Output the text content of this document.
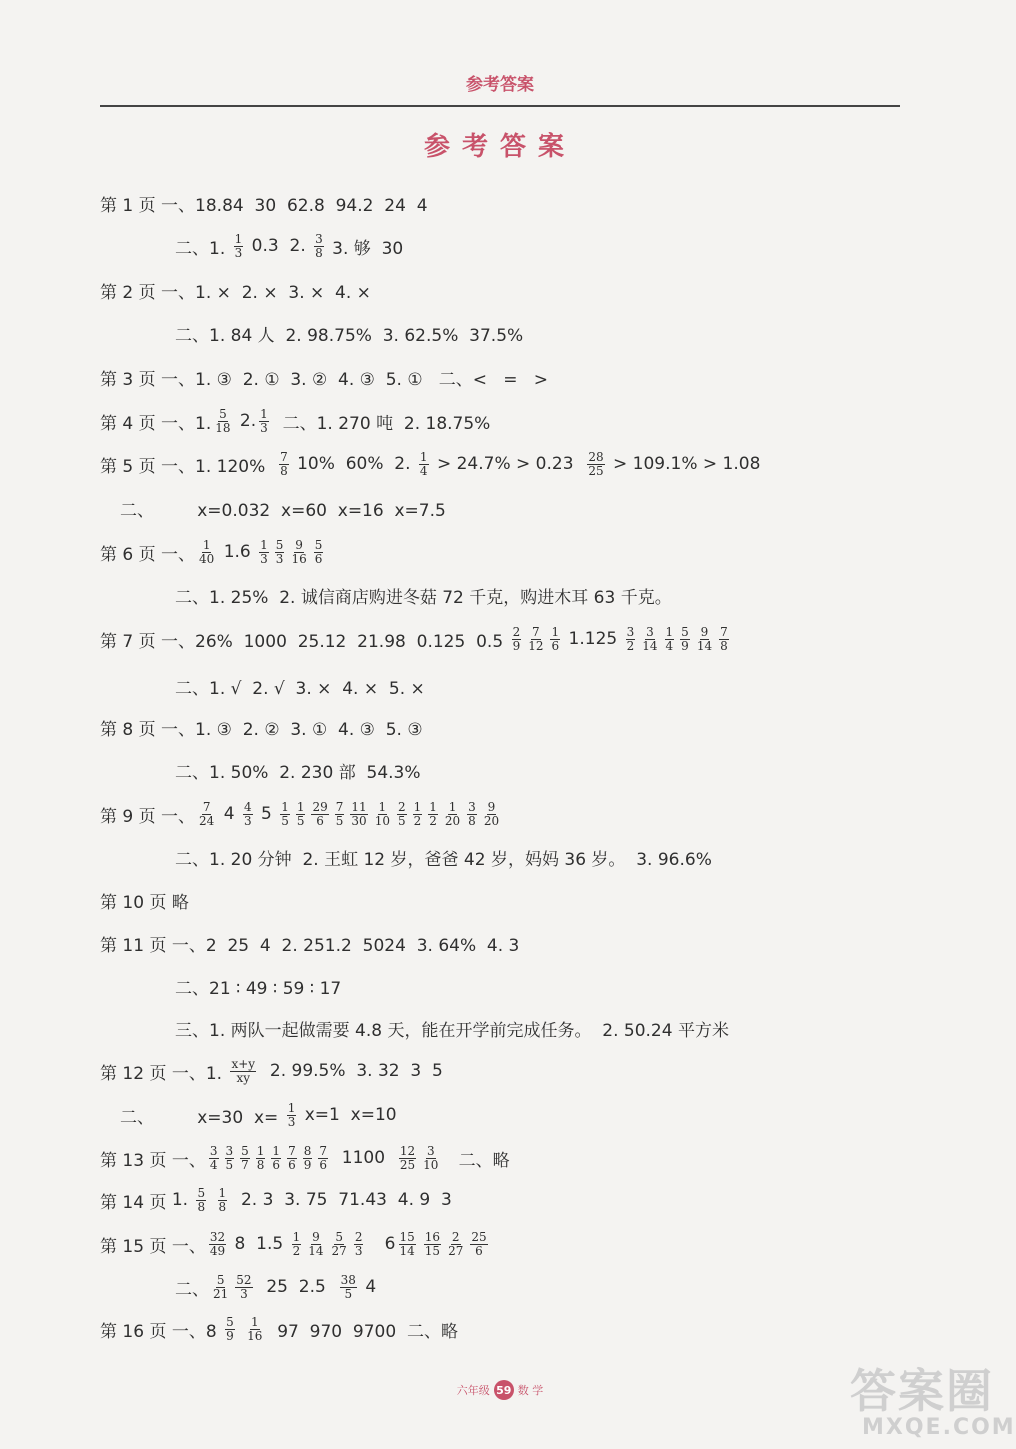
参考答案
参考答案
第 1 页 一、18.84  30  62.8  94.2  24  4
二、1. $\frac{1}{3} 0.3$  2. $\frac{3}{8} 3$. 够  30
第 2 页 一、1. ×  2. ×  3. ×  4. ×
二、1. 84 人  2. 98.75%  3. 62.5%  37.5%
第 3 页 一、1. ③  2. ①  3. ②  4. ③  5. ①   二、<   =   >
第 4 页 一、1. $\frac{5}{18} 2$. $\frac{1}{3}$ 二、1. 270 吨  2. 18.75%
第 5 页 一、1. $120\% \frac{7}{8} 10\%$  60%  2. $\frac{1}{4} > 24.7\% > 0.23 \frac{28}{25} > 109.1\% > 1.08$
二、        x=0.032  x=60  x=16  x=7.5
第 6 页 一、 $\frac{1}{40} 1.6 \frac{1}{3} \frac{5}{3} \frac{9}{16} \frac{5}{6}$
二、1. 25%  2. 诚信商店购进冬菇 72 千克，购进木耳 63 千克。
第 7 页 一、26%  1000  25.12  21.98  0.125  $0.5 \frac{2}{9} \frac{7}{12} \frac{1}{6} 1.125 \frac{3}{2} \frac{3}{14} \frac{1}{4} \frac{5}{9} \frac{9}{14} \frac{7}{8}$
二、1. √  2. √  3. ×  4. ×  5. ×
第 8 页 一、1. ③  2. ②  3. ①  4. ③  5. ③
二、1. 50%  2. 230 部  54.3%
第 9 页 一、 $\frac{7}{24} 4 \frac{4}{3} 5 \frac{1}{5} \frac{1}{5} \frac{29}{6} \frac{7}{5} \frac{11}{30} \frac{1}{10} \frac{2}{5} \frac{1}{2} \frac{1}{2} \frac{1}{20} \frac{3}{8} \frac{9}{20}$
二、1. 20 分钟  2. 王虹 12 岁，爸爸 42 岁，妈妈 36 岁。  3. 96.6%
第 10 页 略
第 11 页 一、2  25  4  2. 251.2  5024  3. 64%  4. 3
二、21 ∶ 49 ∶ 59 ∶ 17
三、1. 两队一起做需要 4.8 天，能在开学前完成任务。  2. 50.24 平方米
第 12 页 一、1. $\frac{x+y}{xy} 2$. 99.5%  3. 32  3  5
二、        x=30  $x= \frac{1}{3} x=1$  x=10
第 13 页 一、 $\frac{3}{4} \frac{3}{5} \frac{5}{7} \frac{1}{8} \frac{1}{6} \frac{7}{6} \frac{8}{9} \frac{7}{6} 1100 \frac{12}{25} \frac{3}{10}$ 二、略
第 14 页 1. $\frac{5}{8}$
$\frac{1}{8} 2$. 3  3. 75  71.43  4. 9  3
第 15 页 一、 $\frac{32}{49} 8$  $1.5 \frac{1}{2} \frac{9}{14} \frac{5}{27} \frac{2}{3}$
$6 \frac{15}{14} \frac{16}{15} \frac{2}{27} \frac{25}{6}$
二、 $\frac{5}{21} \frac{52}{3} 25$  $2.5 \frac{38}{5} 4$
第 16 页 一、$8 \frac{5}{9}$
$\frac{1}{16} 97$  970  9700  二、略
六年级 59 数 学	答案圈
MXQE.COM
